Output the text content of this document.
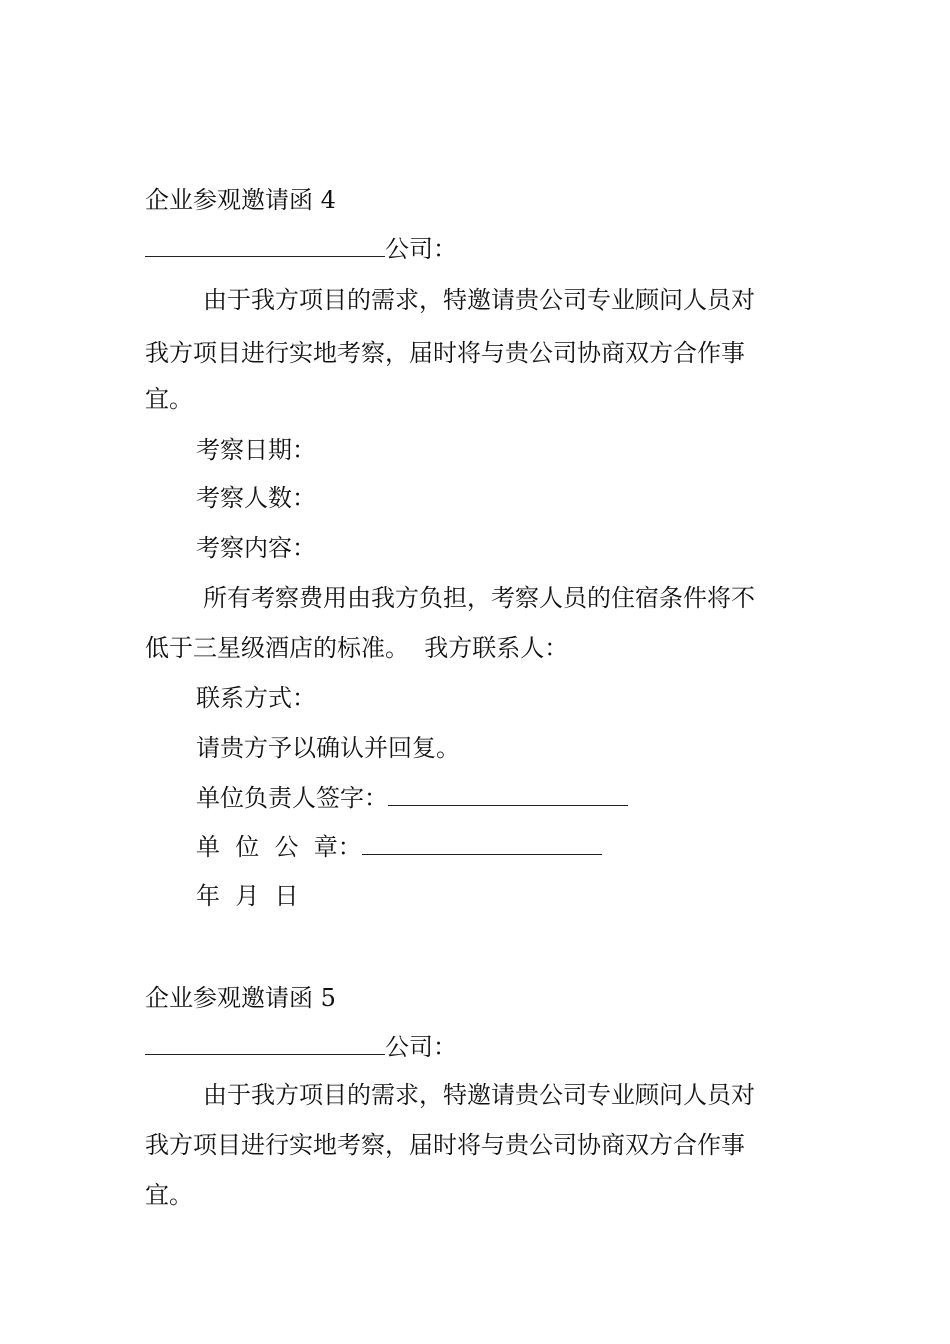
企业参观邀请函 4
公司：
由于我方项目的需求，特邀请贵公司专业顾问人员对
我方项目进行实地考察，届时将与贵公司协商双方合作事
宜。
考察日期：
考察人数：
考察内容：
所有考察费用由我方负担，考察人员的住宿条件将不
低于三星级酒店的标准。  我方联系人：
联系方式：
请贵方予以确认并回复。
单位负责人签字：
单  位  公  章：
年  月  日
企业参观邀请函 5
公司：
由于我方项目的需求，特邀请贵公司专业顾问人员对
我方项目进行实地考察，届时将与贵公司协商双方合作事
宜。
